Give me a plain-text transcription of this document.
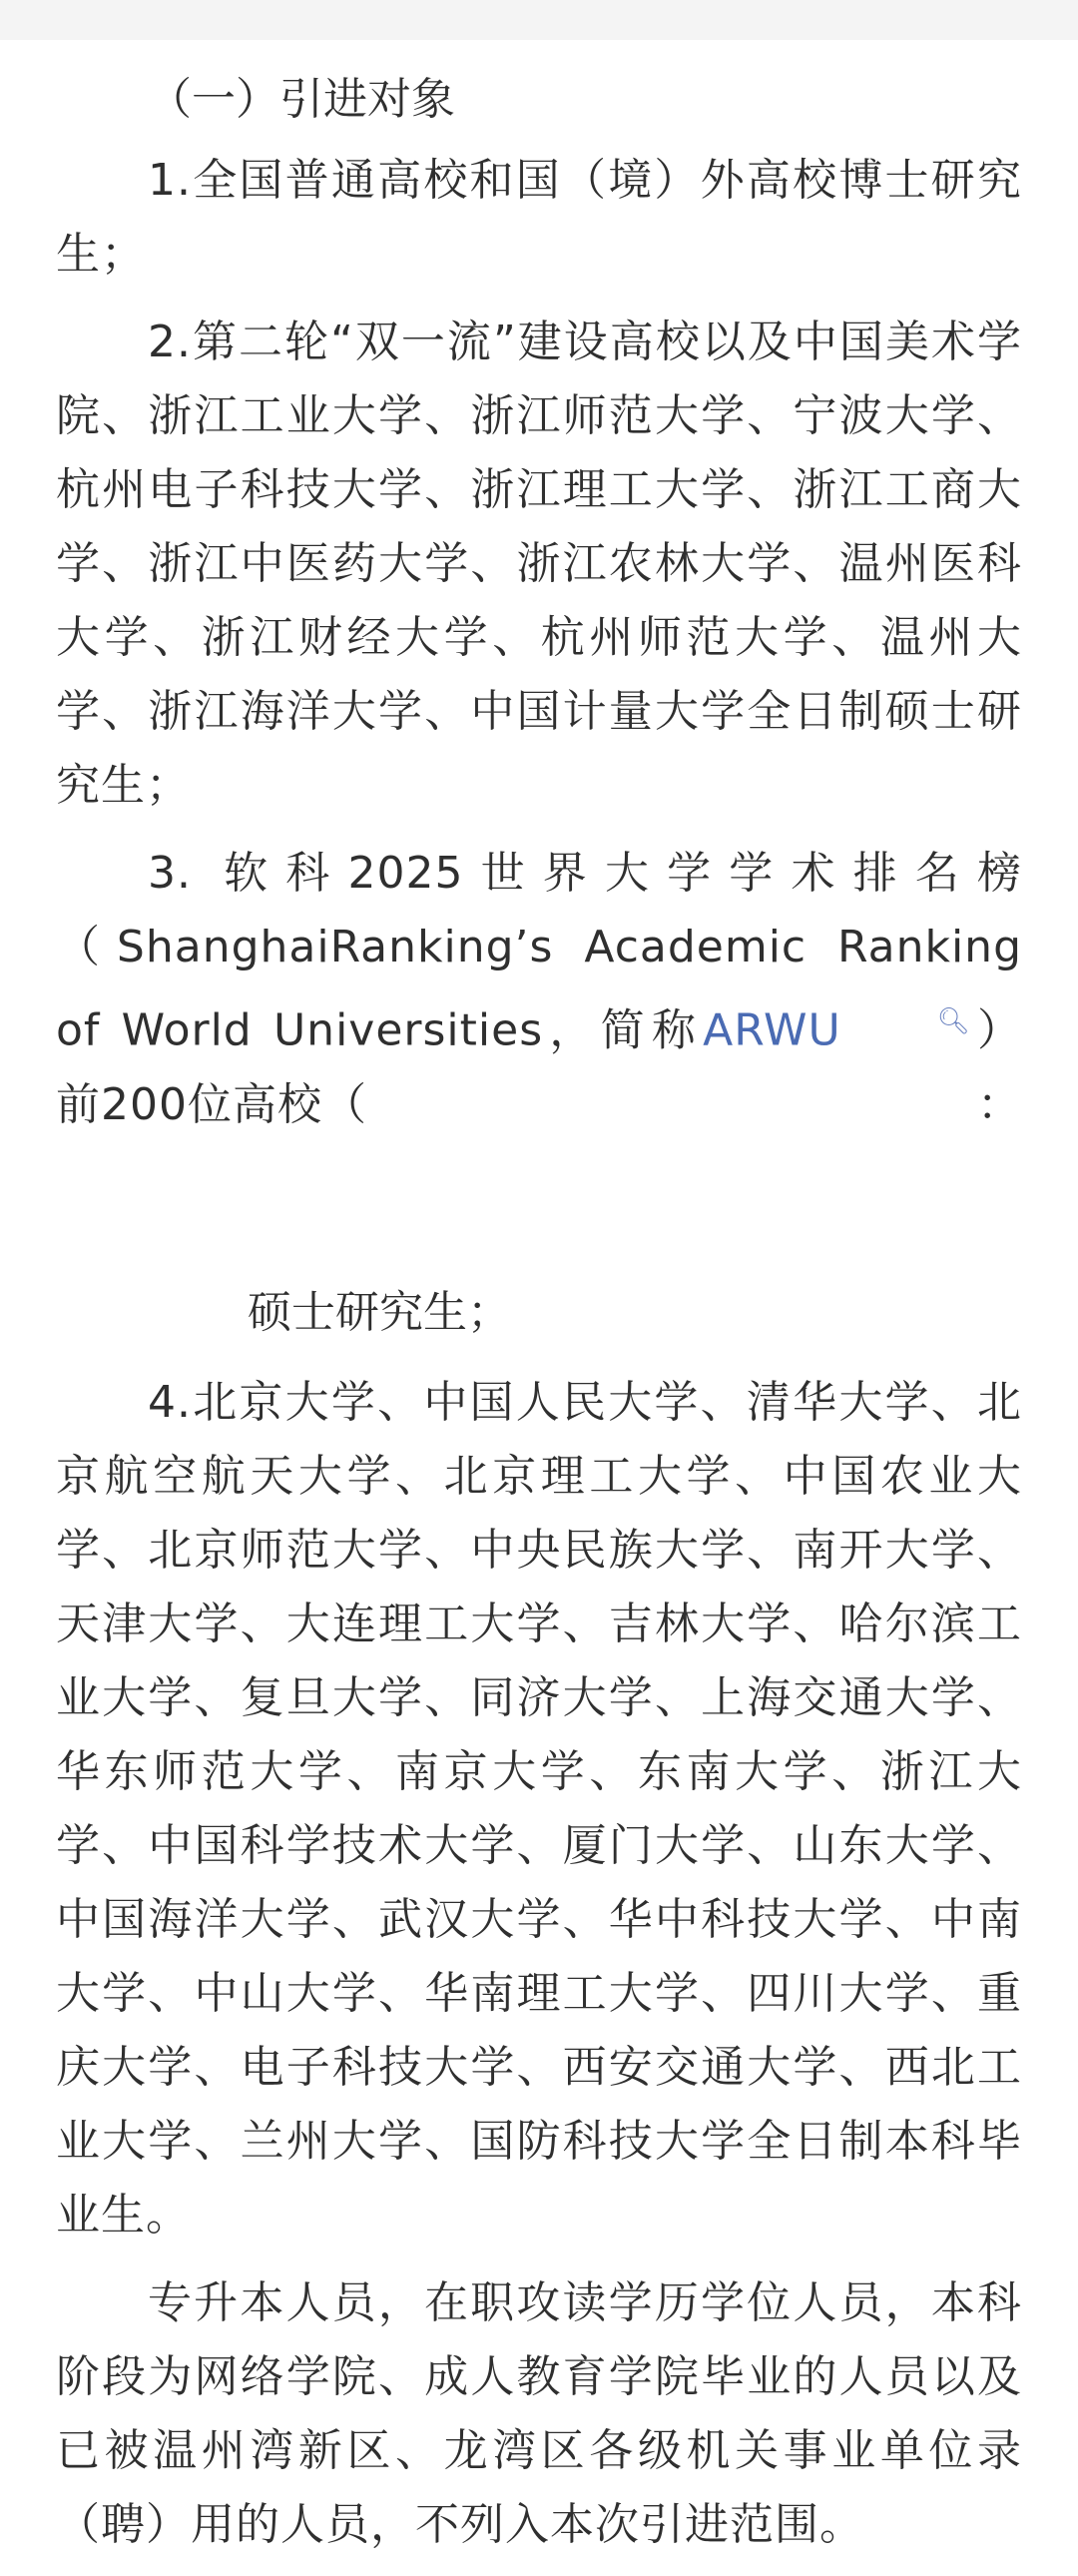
（一）引进对象

1.全国普通高校和国（境）外高校博士研究生；

2.第二轮“双一流”建设高校以及中国美术学院、浙江工业大学、浙江师范大学、宁波大学、杭州电子科技大学、浙江理工大学、浙江工商大学、浙江中医药大学、浙江农林大学、温州医科大学、浙江财经大学、杭州师范大学、温州大学、浙江海洋大学、中国计量大学全日制硕士研究生；

3. 软科2025世界大学学术排名榜（ShanghaiRanking’s Academic Ranking of World Universities，简称ARWU	🔍︎）前200位高校（	：

硕士研究生；

4.北京大学、中国人民大学、清华大学、北京航空航天大学、北京理工大学、中国农业大学、北京师范大学、中央民族大学、南开大学、天津大学、大连理工大学、吉林大学、哈尔滨工业大学、复旦大学、同济大学、上海交通大学、华东师范大学、南京大学、东南大学、浙江大学、中国科学技术大学、厦门大学、山东大学、中国海洋大学、武汉大学、华中科技大学、中南大学、中山大学、华南理工大学、四川大学、重庆大学、电子科技大学、西安交通大学、西北工业大学、兰州大学、国防科技大学全日制本科毕业生。

专升本人员，在职攻读学历学位人员，本科阶段为网络学院、成人教育学院毕业的人员以及已被温州湾新区、龙湾区各级机关事业单位录（聘）用的人员，不列入本次引进范围。
